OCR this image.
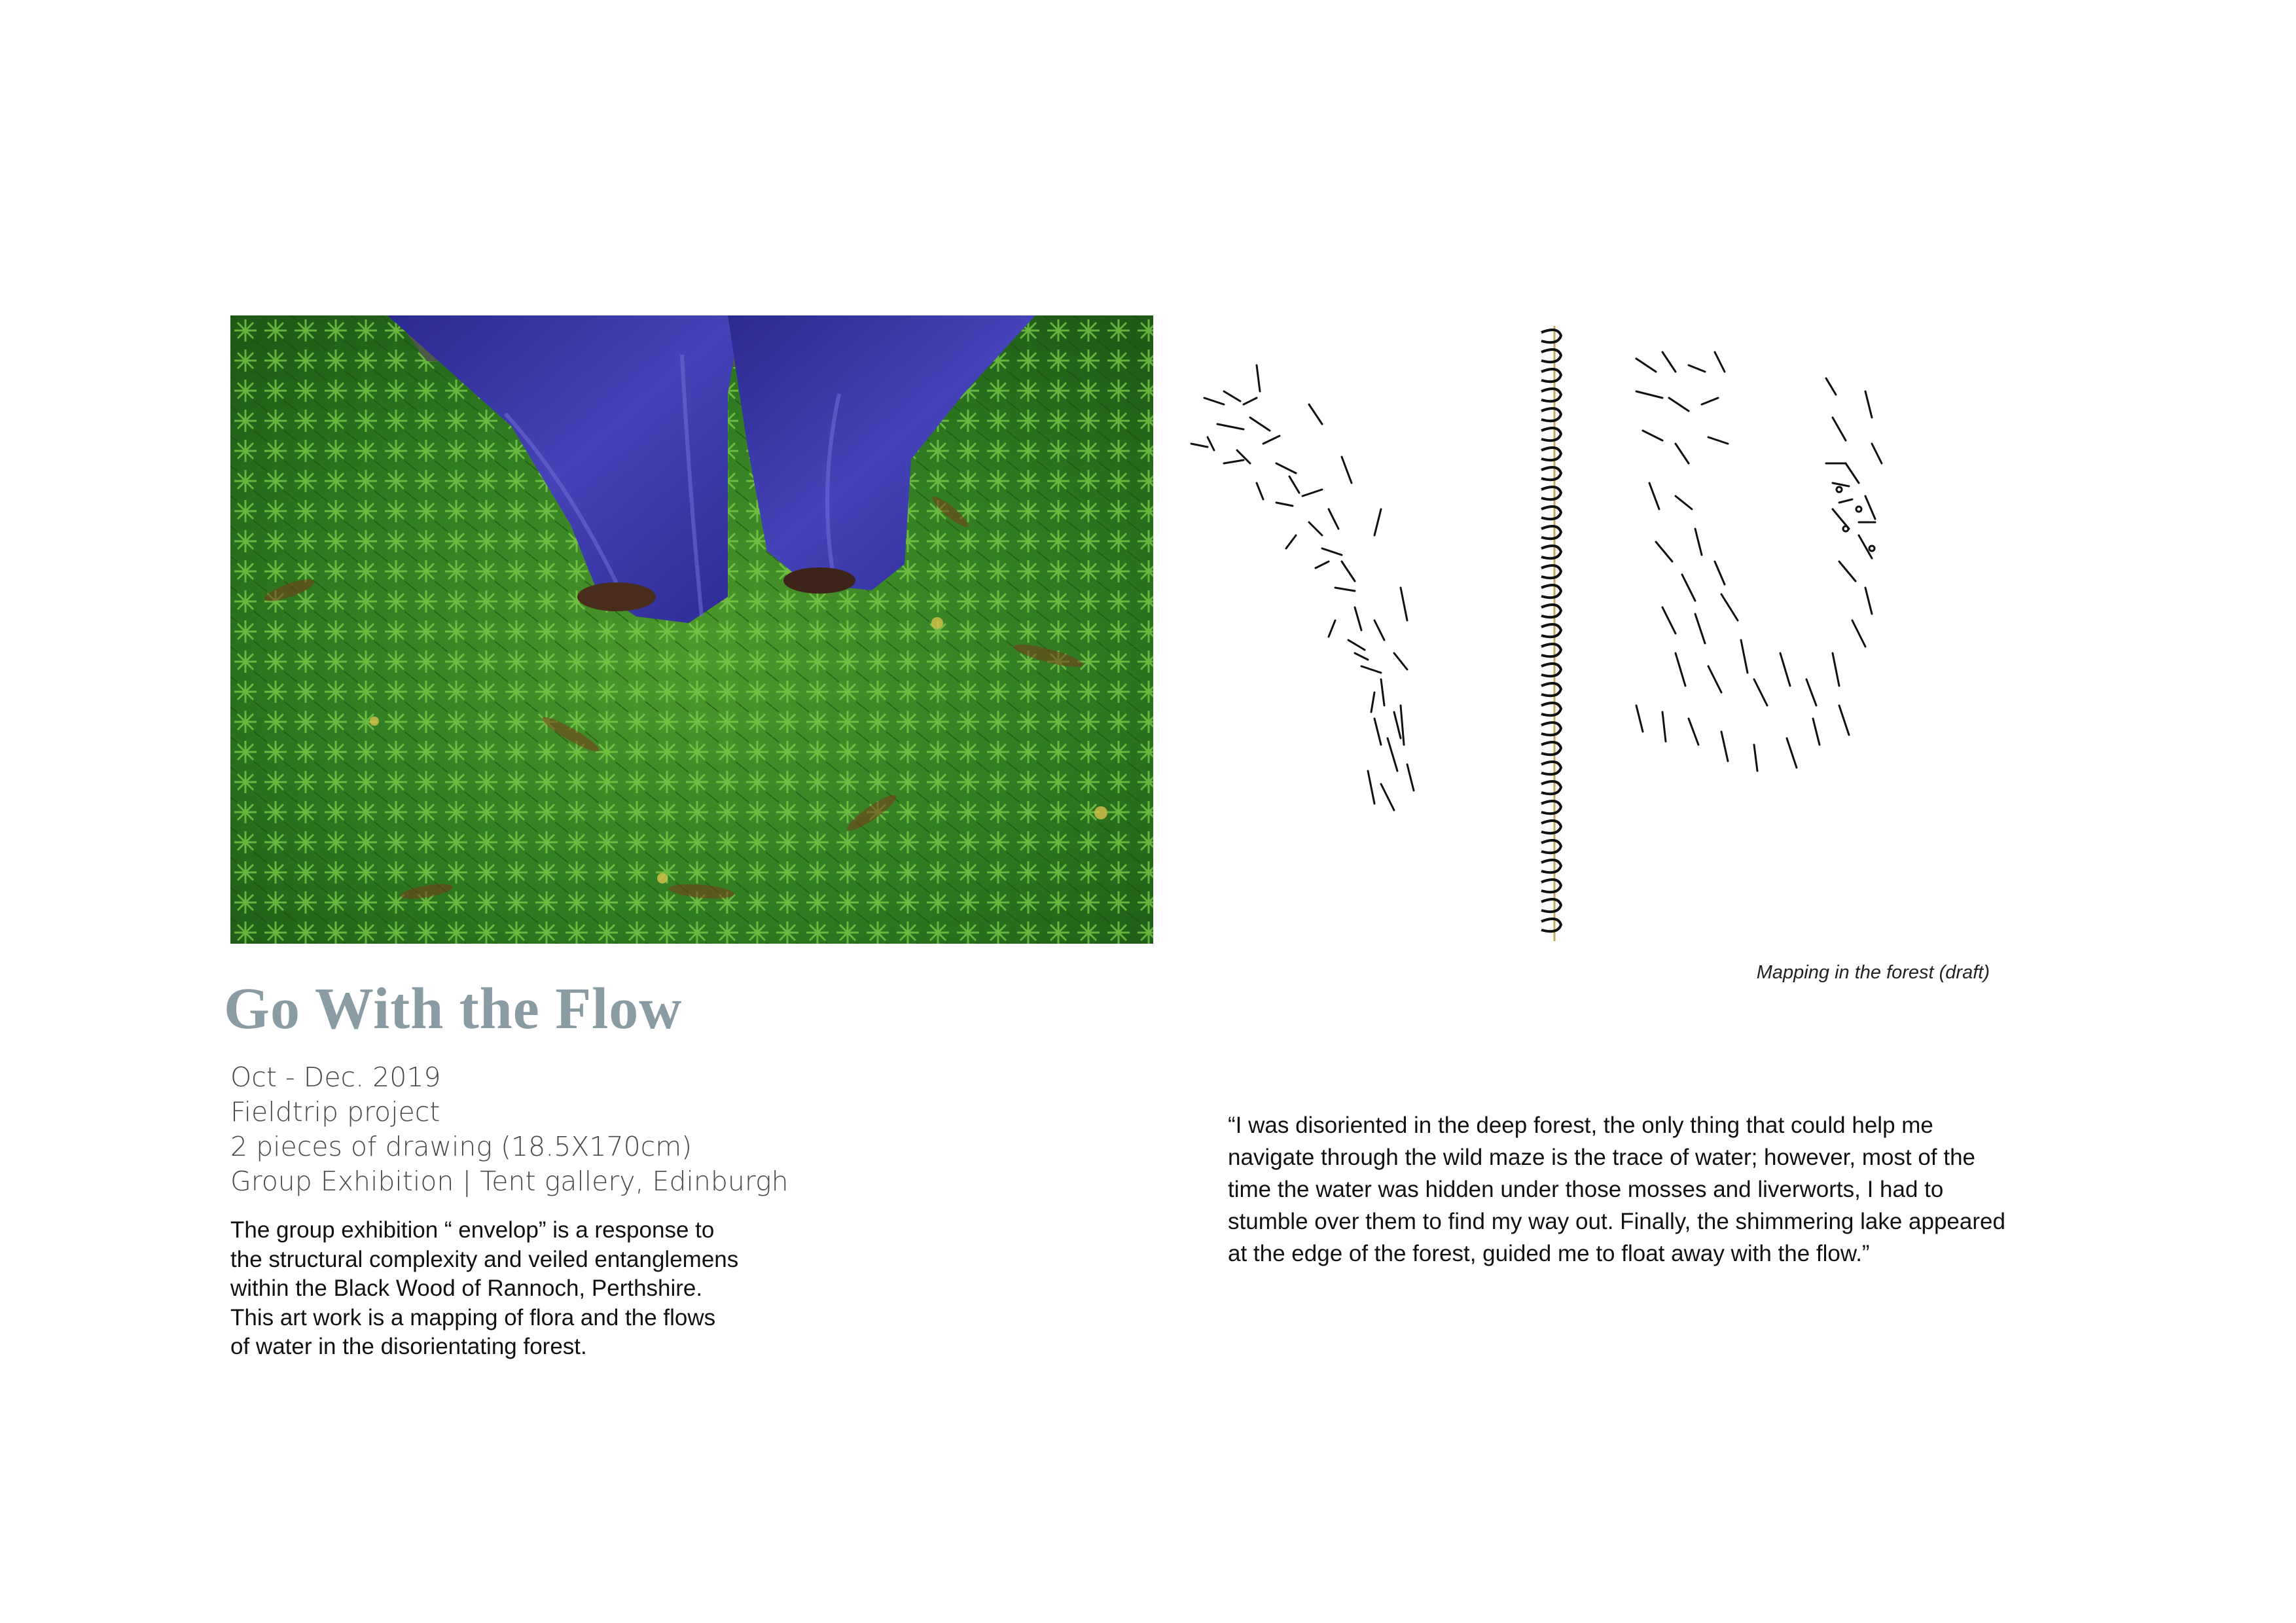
Mapping in the forest (draft)
Go With the Flow
Oct - Dec. 2019
Fieldtrip project
2 pieces of drawing (18.5X170cm)
Group Exhibition | Tent gallery, Edinburgh
The group exhibition “ envelop” is a response to
the structural complexity and veiled entanglemens
within the Black Wood of Rannoch, Perthshire.
This art work is a mapping of flora and the flows
of water in the disorientating forest.
“I was disoriented in the deep forest, the only thing that could help me
navigate through the wild maze is the trace of water; however, most of the
time the water was hidden under those mosses and liverworts, I had to
stumble over them to find my way out. Finally, the shimmering lake appeared
at the edge of the forest, guided me to float away with the flow.”
